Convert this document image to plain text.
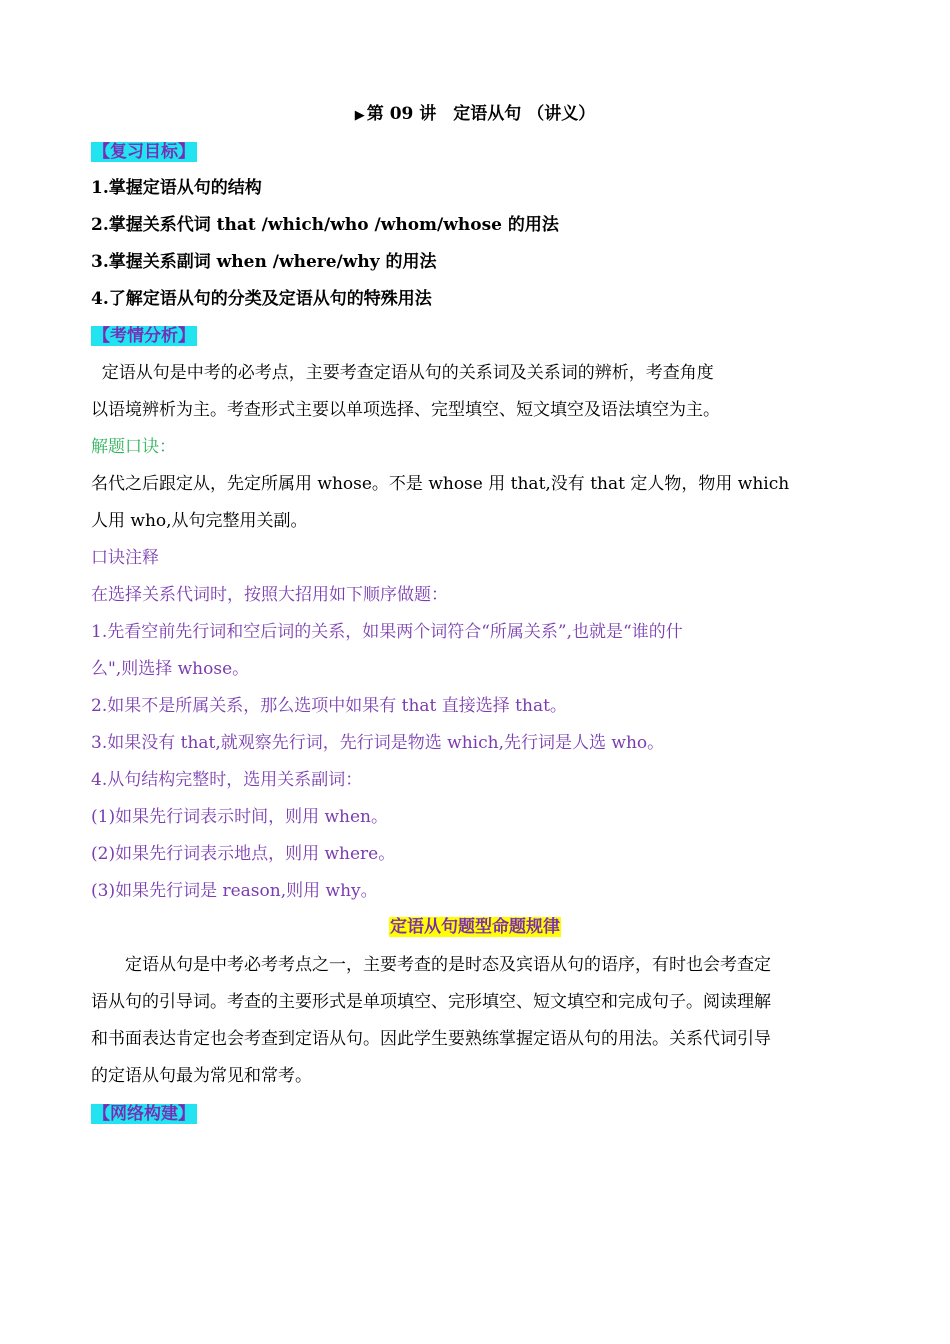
▶ 第 09 讲　定语从句 （讲义）
【复习目标】
1.掌握定语从句的结构
2.掌握关系代词 that /which/who /whom/whose 的用法
3.掌握关系副词 when /where/why 的用法
4.了解定语从句的分类及定语从句的特殊用法
【考情分析】
定语从句是中考的必考点，主要考查定语从句的关系词及关系词的辨析，考查角度
以语境辨析为主。考查形式主要以单项选择、完型填空、短文填空及语法填空为主。
解题口诀：
名代之后跟定从，先定所属用 whose。不是 whose 用 that,没有 that 定人物，物用 which
人用 who,从句完整用关副。
口诀注释
在选择关系代词时，按照大招用如下顺序做题：
1.先看空前先行词和空后词的关系，如果两个词符合“所属关系”,也就是“谁的什
么",则选择 whose。
2.如果不是所属关系，那么选项中如果有 that 直接选择 that。
3.如果没有 that,就观察先行词，先行词是物选 which,先行词是人选 who。
4.从句结构完整时，选用关系副词：
(1)如果先行词表示时间，则用 when。
(2)如果先行词表示地点，则用 where。
(3)如果先行词是 reason,则用 why。
定语从句题型命题规律
　　定语从句是中考必考考点之一，主要考查的是时态及宾语从句的语序，有时也会考查定
语从句的引导词。考查的主要形式是单项填空、完形填空、短文填空和完成句子。阅读理解
和书面表达肯定也会考查到定语从句。因此学生要熟练掌握定语从句的用法。关系代词引导
的定语从句最为常见和常考。
【网络构建】
